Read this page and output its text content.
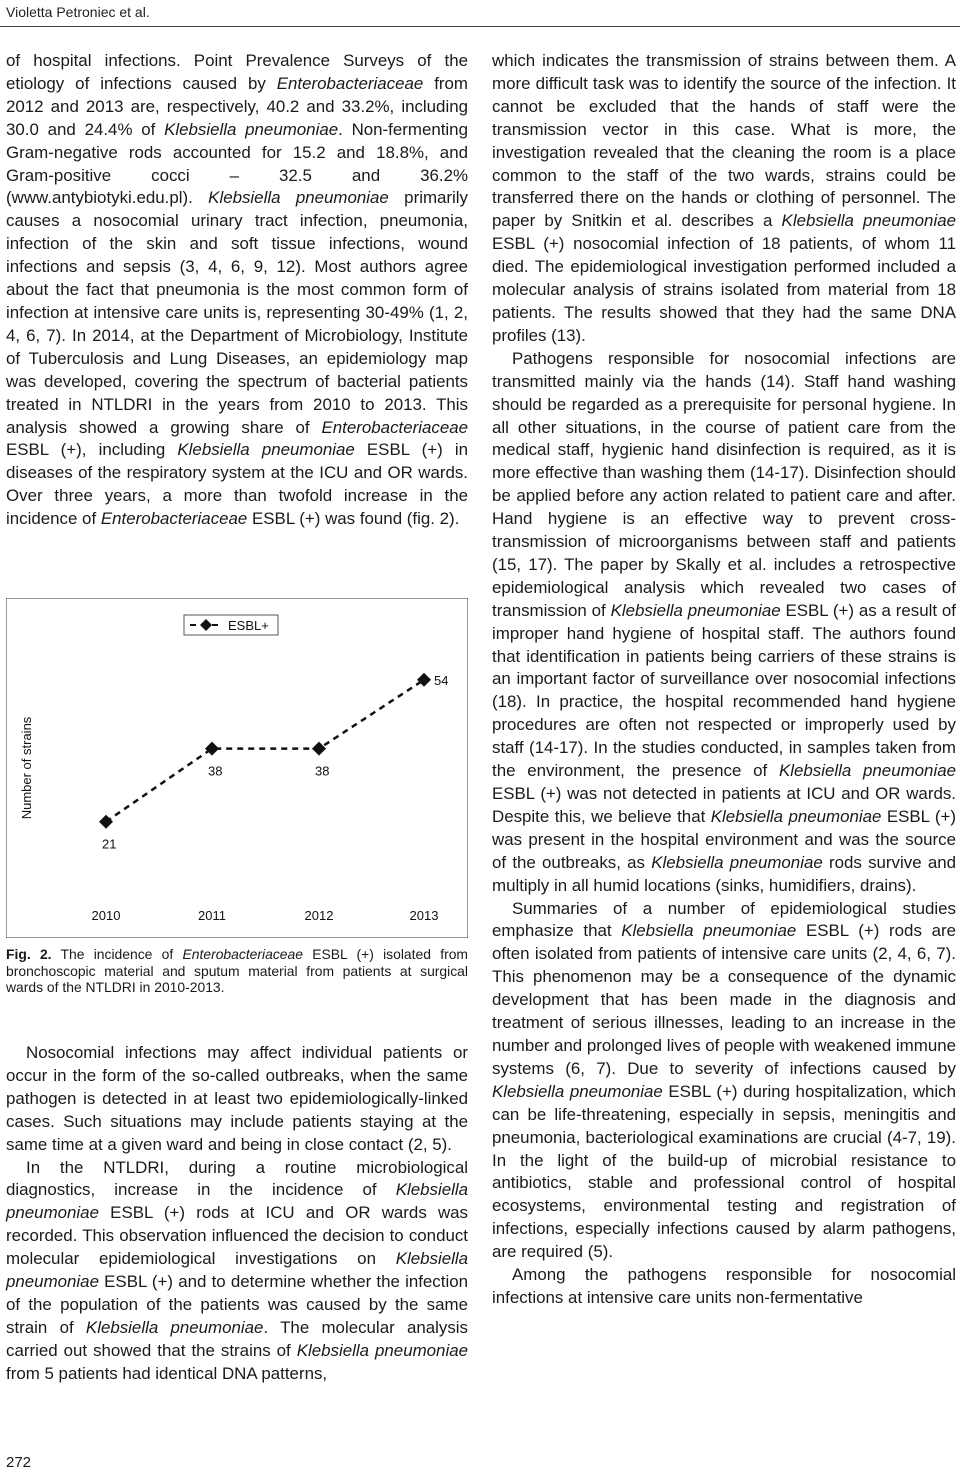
Violetta Petroniec et al.

of hospital infections. Point Prevalence Surveys of the etiology of infections caused by Enterobacteriaceae from 2012 and 2013 are, respectively, 40.2 and 33.2%, including 30.0 and 24.4% of Klebsiella pneumoniae. Non-fermenting Gram-negative rods accounted for 15.2 and 18.8%, and Gram-positive cocci – 32.5 and 36.2% (www.antybiotyki.edu.pl). Klebsiella pneumoniae primarily causes a nosocomial urinary tract infection, pneumonia, infection of the skin and soft tissue infections, wound infections and sepsis (3, 4, 6, 9, 12). Most authors agree about the fact that pneumonia is the most common form of infection at intensive care units is, representing 30-49% (1, 2, 4, 6, 7). In 2014, at the Department of Microbiology, Institute of Tuberculosis and Lung Diseases, an epidemiology map was developed, covering the spectrum of bacterial patients treated in NTLDRI in the years from 2010 to 2013. This analysis showed a growing share of Enterobacteriaceae ESBL (+), including Klebsiella pneumoniae ESBL (+) in diseases of the respiratory system at the ICU and OR wards. Over three years, a more than twofold increase in the incidence of Enterobacteriaceae ESBL (+) was found (fig. 2).

ESBL+
Number of strains
21
38	38
54
2010	2011	2012	2013
Fig. 2. The incidence of Enterobacteriaceae ESBL (+) isolated from bronchoscopic material and sputum material from patients at surgical wards of the NTLDRI in 2010-2013.

Nosocomial infections may affect individual patients or occur in the form of the so-called outbreaks, when the same pathogen is detected in at least two epidemiologically-linked cases. Such situations may include patients staying at the same time at a given ward and being in close contact (2, 5).

In the NTLDRI, during a routine microbiological diagnostics, increase in the incidence of Klebsiella pneumoniae ESBL (+) rods at ICU and OR wards was recorded. This observation influenced the decision to conduct molecular epidemiological investigations on Klebsiella pneumoniae ESBL (+) and to determine whether the infection of the population of the patients was caused by the same strain of Klebsiella pneumoniae. The molecular analysis carried out showed that the strains of Klebsiella pneumoniae from 5 patients had identical DNA patterns,

which indicates the transmission of strains between them. A more difficult task was to identify the source of the infection. It cannot be excluded that the hands of staff were the transmission vector in this case. What is more, the investigation revealed that the cleaning the room is a place common to the staff of the two wards, strains could be transferred there on the hands or clothing of personnel. The paper by Snitkin et al. describes a Klebsiella pneumoniae ESBL (+) nosocomial infection of 18 patients, of whom 11 died. The epidemiological investigation performed included a molecular analysis of strains isolated from material from 18 patients. The results showed that they had the same DNA profiles (13).

Pathogens responsible for nosocomial infections are transmitted mainly via the hands (14). Staff hand washing should be regarded as a prerequisite for personal hygiene. In all other situations, in the course of patient care from the medical staff, hygienic hand disinfection is required, as it is more effective than washing them (14-17). Disinfection should be applied before any action related to patient care and after. Hand hygiene is an effective way to prevent cross-transmission of microorganisms between staff and patients (15, 17). The paper by Skally et al. includes a retrospective epidemiological analysis which revealed two cases of transmission of Klebsiella pneumoniae ESBL (+) as a result of improper hand hygiene of hospital staff. The authors found that identification in patients being carriers of these strains is an important factor of surveillance over nosocomial infections (18). In practice, the hospital recommended hand hygiene procedures are often not respected or improperly used by staff (14-17). In the studies conducted, in samples taken from the environment, the presence of Klebsiella pneumoniae ESBL (+) was not detected in patients at ICU and OR wards. Despite this, we believe that Klebsiella pneumoniae ESBL (+) was present in the hospital environment and was the source of the outbreaks, as Klebsiella pneumoniae rods survive and multiply in all humid locations (sinks, humidifiers, drains).

Summaries of a number of epidemiological studies emphasize that Klebsiella pneumoniae ESBL (+) rods are often isolated from patients of intensive care units (2, 4, 6, 7). This phenomenon may be a consequence of the dynamic development that has been made in the diagnosis and treatment of serious illnesses, leading to an increase in the number and prolonged lives of people with weakened immune systems (6, 7). Due to severity of infections caused by Klebsiella pneumoniae ESBL (+) during hospitalization, which can be life-threatening, especially in sepsis, meningitis and pneumonia, bacteriological examinations are crucial (4-7, 19). In the light of the build-up of microbial resistance to antibiotics, stable and professional control of hospital ecosystems, environmental testing and registration of infections, especially infections caused by alarm pathogens, are required (5).

Among the pathogens responsible for nosocomial infections at intensive care units non-fermentative

272
